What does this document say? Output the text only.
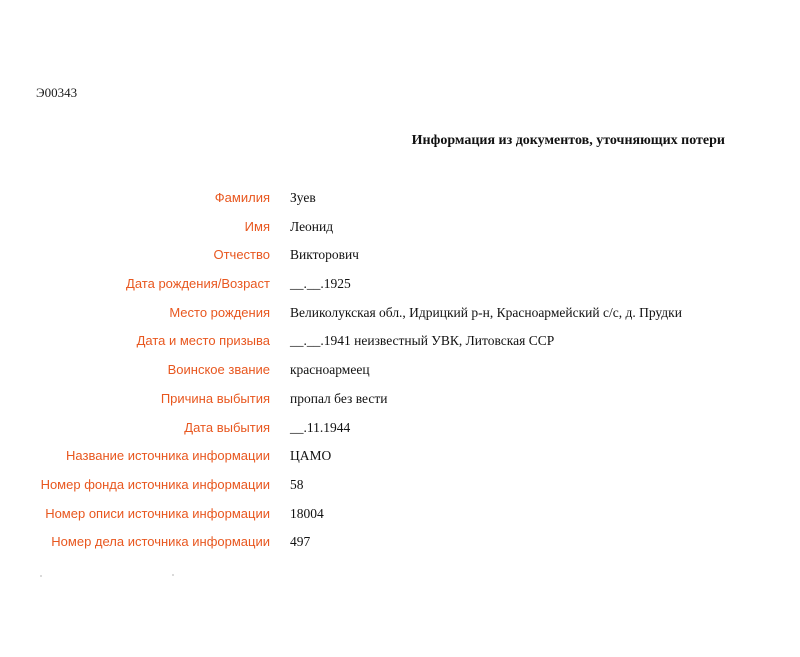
Э00343
Информация из документов, уточняющих потери
Фамилия Зуев
Имя Леонид
Отчество Викторович
Дата рождения/Возраст __.__.1925
Место рождения Великолукская обл., Идрицкий р-н, Красноармейский с/с, д. Прудки
Дата и место призыва __.__.1941 неизвестный УВК, Литовская ССР
Воинское звание красноармеец
Причина выбытия пропал без вести
Дата выбытия __.11.1944
Название источника информации ЦАМО
Номер фонда источника информации 58
Номер описи источника информации 18004
Номер дела источника информации 497
